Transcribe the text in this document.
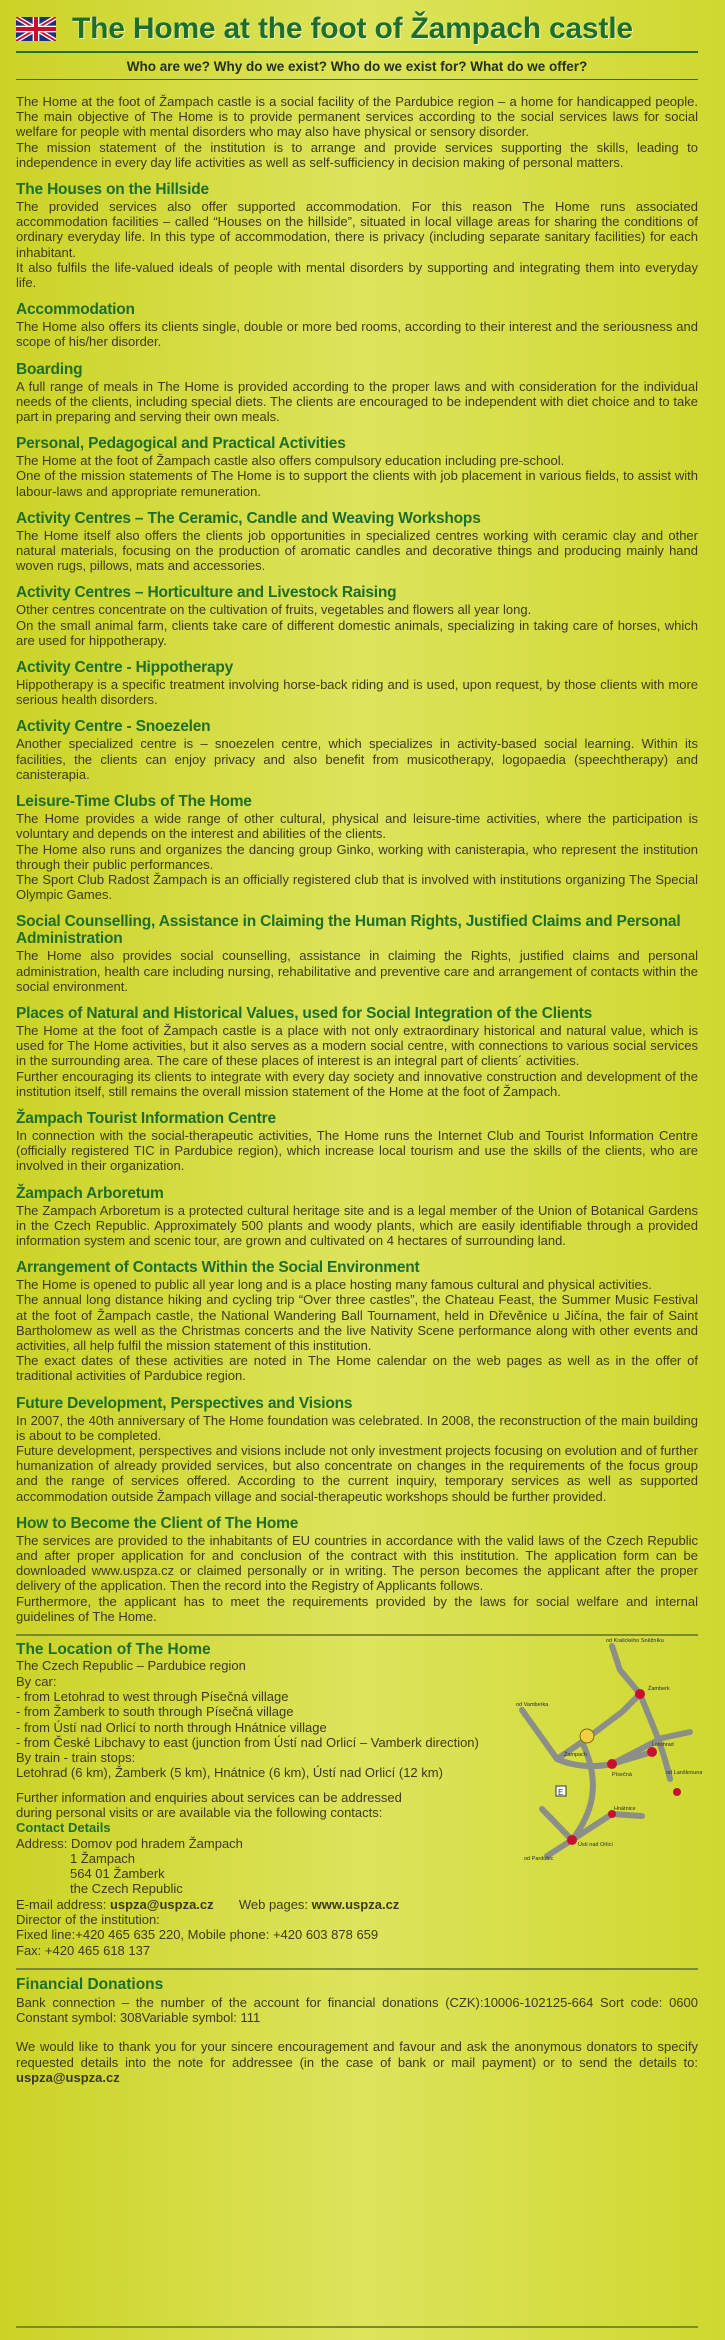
The Home at the foot of Žampach castle
Who are we? Why do we exist? Who do we exist for? What do we offer?

The Home at the foot of Žampach castle is a social facility of the Pardubice region – a home for handicapped people. The main objective of The Home is to provide permanent services according to the social services laws for social welfare for people with mental disorders who may also have physical or sensory disorder.

The mission statement of the institution is to arrange and provide services supporting the skills, leading to independence in every day life activities as well as self-sufficiency in decision making of personal matters.

The Houses on the Hillside

The provided services also offer supported accommodation. For this reason The Home runs associated accommodation facilities – called “Houses on the hillside”, situated in local village areas for sharing the conditions of ordinary everyday life. In this type of accommodation, there is privacy (including separate sanitary facilities) for each inhabitant.

It also fulfils the life-valued ideals of people with mental disorders by supporting and integrating them into everyday life.

Accommodation

The Home also offers its clients single, double or more bed rooms, according to their interest and the seriousness and scope of his/her disorder.

Boarding

A full range of meals in The Home is provided according to the proper laws and with consideration for the individual needs of the clients, including special diets. The clients are encouraged to be independent with diet choice and to take part in preparing and serving their own meals.

Personal, Pedagogical and Practical Activities

The Home at the foot of Žampach castle also offers compulsory education including pre-school.

One of the mission statements of The Home is to support the clients with job placement in various fields, to assist with labour-laws and appropriate remuneration.

Activity Centres – The Ceramic, Candle and Weaving Workshops

The Home itself also offers the clients job opportunities in specialized centres working with ceramic clay and other natural materials, focusing on the production of aromatic candles and decorative things and producing mainly hand woven rugs, pillows, mats and accessories.

Activity Centres – Horticulture and Livestock Raising

Other centres concentrate on the cultivation of fruits, vegetables and flowers all year long.

On the small animal farm, clients take care of different domestic animals, specializing in taking care of horses, which are used for hippotherapy.

Activity Centre - Hippotherapy

Hippotherapy is a specific treatment involving horse-back riding and is used, upon request, by those clients with more serious health disorders.

Activity Centre - Snoezelen

Another specialized centre is – snoezelen centre, which specializes in activity-based social learning. Within its facilities, the clients can enjoy privacy and also benefit from musicotherapy, logopaedia (speechtherapy) and canisterapia.

Leisure-Time Clubs of The Home

The Home provides a wide range of other cultural, physical and leisure-time activities, where the participation is voluntary and depends on the interest and abilities of the clients.

The Home also runs and organizes the dancing group Ginko, working with canisterapia, who represent the institution through their public performances.

The Sport Club Radost Žampach is an officially registered club that is involved with institutions organizing The Special Olympic Games.

Social Counselling, Assistance in Claiming the Human Rights, Justified Claims and Personal Administration

The Home also provides social counselling, assistance in claiming the Rights, justified claims and personal administration, health care including nursing, rehabilitative and preventive care and arrangement of contacts within the social environment.

Places of Natural and Historical Values, used for Social Integration of the Clients

The Home at the foot of Žampach castle is a place with not only extraordinary historical and natural value, which is used for The Home activities, but it also serves as a modern social centre, with connections to various social services in the surrounding area. The care of these places of interest is an integral part of clients´ activities.

Further encouraging its clients to integrate with every day society and innovative construction and development of the institution itself, still remains the overall mission statement of the Home at the foot of Žampach.

Žampach Tourist Information Centre

In connection with the social-therapeutic activities, The Home runs the Internet Club and Tourist Information Centre (officially registered TIC in Pardubice region), which increase local tourism and use the skills of the clients, who are involved in their organization.

Žampach Arboretum

The Zampach Arboretum is a protected cultural heritage site and is a legal member of the Union of Botanical Gardens in the Czech Republic. Approximately 500 plants and woody plants, which are easily identifiable through a provided information system and scenic tour, are grown and cultivated on 4 hectares of surrounding land.

Arrangement of Contacts Within the Social Environment

The Home is opened to public all year long and is a place hosting many famous cultural and physical activities.

The annual long distance hiking and cycling trip “Over three castles”, the Chateau Feast, the Summer Music Festival at the foot of Žampach castle, the National Wandering Ball Tournament, held in Dřevěnice u Jičína, the fair of Saint Bartholomew as well as the Christmas concerts and the live Nativity Scene performance along with other events and activities, all help fulfil the mission statement of this institution.

The exact dates of these activities are noted in The Home calendar on the web pages as well as in the offer of traditional activities of Pardubice region.

Future Development, Perspectives and Visions

In 2007, the 40th anniversary of The Home foundation was celebrated. In 2008, the reconstruction of the main building is about to be completed.

Future development, perspectives and visions include not only investment projects focusing on evolution and of further humanization of already provided services, but also concentrate on changes in the requirements of the focus group and the range of services offered. According to the current inquiry, temporary services as well as supported accommodation outside Žampach village and social-therapeutic workshops should be further provided.

How to Become the Client of The Home

The services are provided to the inhabitants of EU countries in accordance with the valid laws of the Czech Republic and after proper application for and conclusion of the contract with this institution. The application form can be downloaded www.uspza.cz or claimed personally or in writing. The person becomes the applicant after the proper delivery of the application. Then the record into the Registry of Applicants follows.

Furthermore, the applicant has to meet the requirements provided by the laws for social welfare and internal guidelines of The Home.

The Location of The Home
The Czech Republic – Pardubice region
By car:
- from Letohrad to west through Písečná village
- from Žamberk to south through Písečná village
- from Ústí nad Orlicí to north through Hnátnice village
- from České Libchavy to east (junction from Ústí nad Orlicí – Vamberk direction)
By train - train stops:
Letohrad (6 km), Žamberk (5 km), Hnátnice (6 km), Ústí nad Orlicí (12 km)
Further information and enquiries about services can be addressed
during personal visits or are available via the following contacts:
Contact Details
Address: Domov pod hradem Žampach
1 Žampach
564 01 Žamberk
the Czech Republic
E-mail address: uspza@uspza.cz Web pages: www.uspza.cz
Director of the institution:
Fixed line:+420 465 635 220, Mobile phone: +420 603 878 659
Fax: +420 465 618 137
E
od Kralického Sněžníku
Žamberk
od Vamberka
Žampach
Písečná
Letohrad
Hnátnice
od Lanškrouna
Ústí nad Orlicí
od Pardubic
Financial Donations

Bank connection – the number of the account for financial donations (CZK):10006-102125-664 Sort code: 0600 Constant symbol: 308Variable symbol: 111

We would like to thank you for your sincere encouragement and favour and ask the anonymous donators to specify requested details into the note for addressee (in the case of bank or mail payment) or to send the details to: uspza@uspza.cz
